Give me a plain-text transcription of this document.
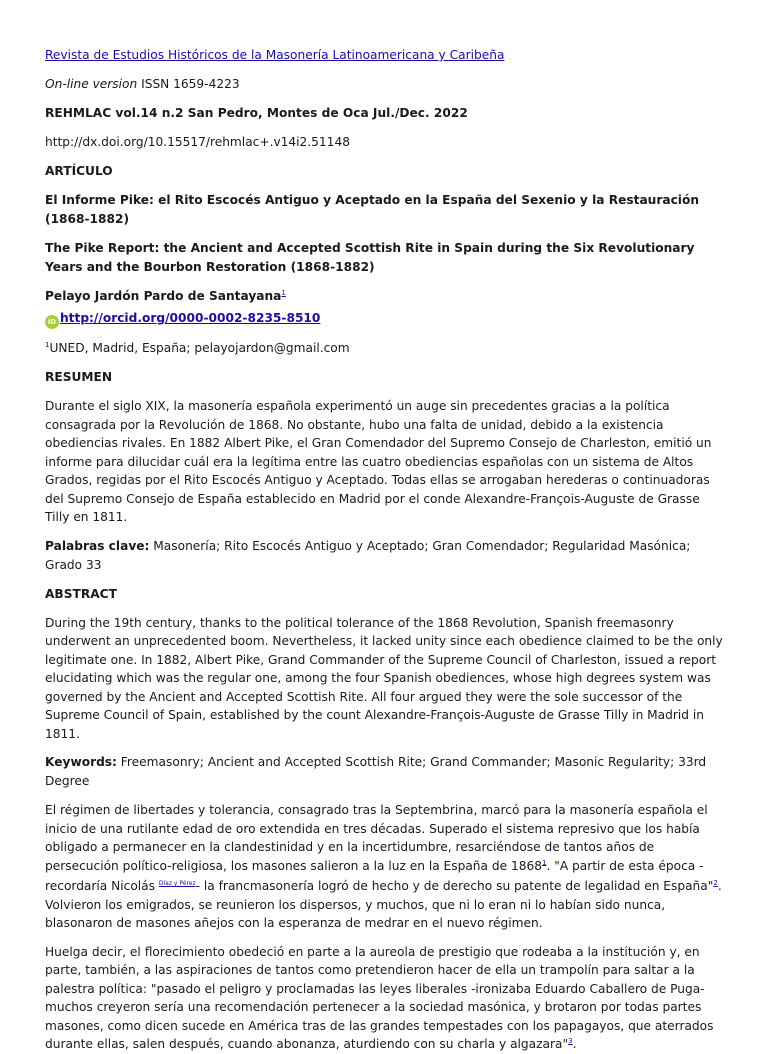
Revista de Estudios Históricos de la Masonería Latinoamericana y Caribeña

On-line version ISSN 1659-4223

REHMLAC vol.14 n.2 San Pedro, Montes de Oca Jul./Dec. 2022

http://dx.doi.org/10.15517/rehmlac+.v14i2.51148

ARTÍCULO

El Informe Pike: el Rito Escocés Antiguo y Aceptado en la España del Sexenio y la Restauración (1868-1882)

The Pike Report: the Ancient and Accepted Scottish Rite in Spain during the Six Revolutionary Years and the Bourbon Restoration (1868-1882)

Pelayo Jardón Pardo de Santayana$^1$

iD http://orcid.org/0000-0002-8235-8510

$^1$UNED, Madrid, España; pelayojardon@gmail.com

RESUMEN

Durante el siglo XIX, la masonería española experimentó un auge sin precedentes gracias a la política consagrada por la Revolución de 1868. No obstante, hubo una falta de unidad, debido a la existencia obediencias rivales. En 1882 Albert Pike, el Gran Comendador del Supremo Consejo de Charleston, emitió un informe para dilucidar cuál era la legítima entre las cuatro obediencias españolas con un sistema de Altos Grados, regidas por el Rito Escocés Antiguo y Aceptado. Todas ellas se arrogaban herederas o continuadoras del Supremo Consejo de España establecido en Madrid por el conde Alexandre-François-Auguste de Grasse Tilly en 1811.

Palabras clave: Masonería; Rito Escocés Antiguo y Aceptado; Gran Comendador; Regularidad Masónica; Grado 33

ABSTRACT

During the 19th century, thanks to the political tolerance of the 1868 Revolution, Spanish freemasonry underwent an unprecedented boom. Nevertheless, it lacked unity since each obedience claimed to be the only legitimate one. In 1882, Albert Pike, Grand Commander of the Supreme Council of Charleston, issued a report elucidating which was the regular one, among the four Spanish obediences, whose high degrees system was governed by the Ancient and Accepted Scottish Rite. All four argued they were the sole successor of the Supreme Council of Spain, established by the count Alexandre-François-Auguste de Grasse Tilly in Madrid in 1811.

Keywords: Freemasonry; Ancient and Accepted Scottish Rite; Grand Commander; Masonic Regularity; 33rd Degree

El régimen de libertades y tolerancia, consagrado tras la Septembrina, marcó para la masonería española el inicio de una rutilante edad de oro extendida en tres décadas. Superado el sistema represivo que los había obligado a permanecer en la clandestinidad y en la incertidumbre, resarciéndose de tantos años de persecución político-religiosa, los masones salieron a la luz en la España de 1868$^1$. "A partir de esta época -recordaría Nicolás $^{Díaz y Pérez}$- la francmasonería logró de hecho y de derecho su patente de legalidad en España"$^2$. Volvieron los emigrados, se reunieron los dispersos, y muchos, que ni lo eran ni lo habían sido nunca, blasonaron de masones añejos con la esperanza de medrar en el nuevo régimen.

Huelga decir, el florecimiento obedeció en parte a la aureola de prestigio que rodeaba a la institución y, en parte, también, a las aspiraciones de tantos como pretendieron hacer de ella un trampolín para saltar a la palestra política: "pasado el peligro y proclamadas las leyes liberales -ironizaba Eduardo Caballero de Puga- muchos creyeron sería una recomendación pertenecer a la sociedad masónica, y brotaron por todas partes masones, como dicen sucede en América tras de las grandes tempestades con los papagayos, que aterrados durante ellas, salen después, cuando abonanza, aturdiendo con su charla y algazara"$^3$.
